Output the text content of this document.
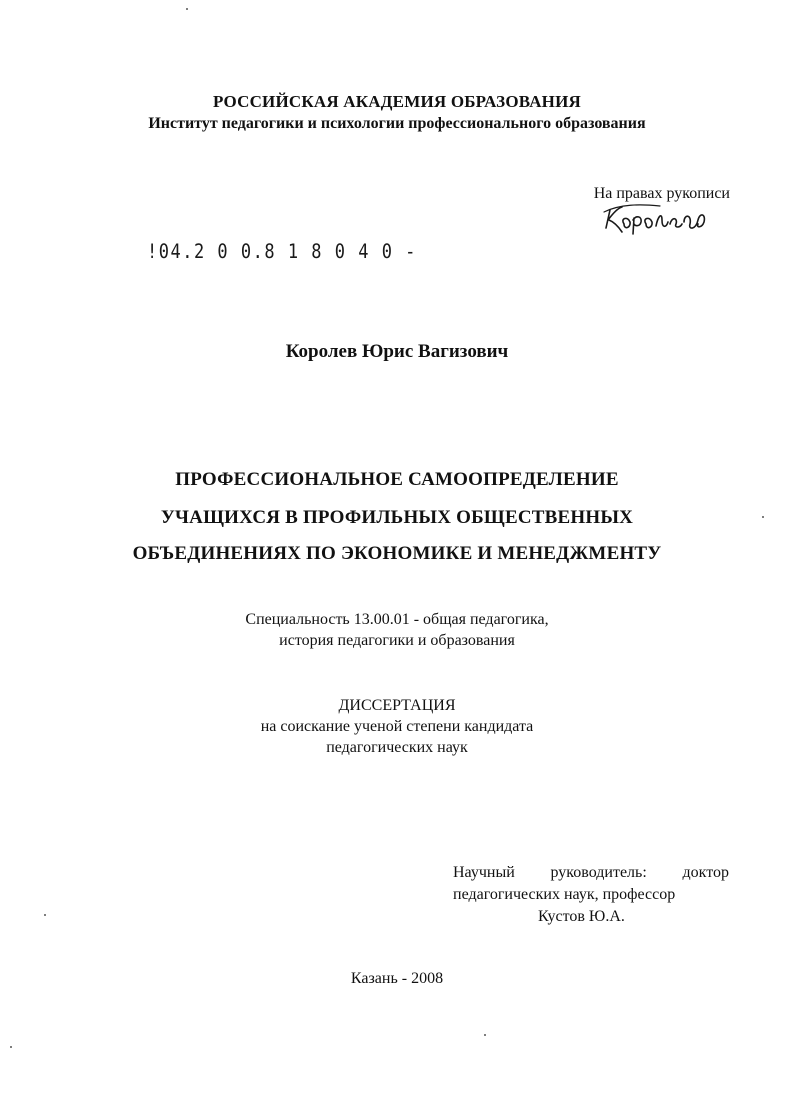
РОССИЙСКАЯ АКАДЕМИЯ ОБРАЗОВАНИЯ
Институт педагогики и психологии профессионального образования
На правах рукописи
!04.2 0 0.8 1 8 0 4 0 -
Королев Юрис Вагизович
ПРОФЕССИОНАЛЬНОЕ САМООПРЕДЕЛЕНИЕ
УЧАЩИХСЯ В ПРОФИЛЬНЫХ ОБЩЕСТВЕННЫХ
ОБЪЕДИНЕНИЯХ ПО ЭКОНОМИКЕ И МЕНЕДЖМЕНТУ
Специальность 13.00.01 - общая педагогика,
история педагогики и образования
ДИССЕРТАЦИЯ
на соискание ученой степени кандидата
педагогических наук
Научный руководитель: доктор
педагогических наук, профессор
Кустов Ю.А.
Казань - 2008
